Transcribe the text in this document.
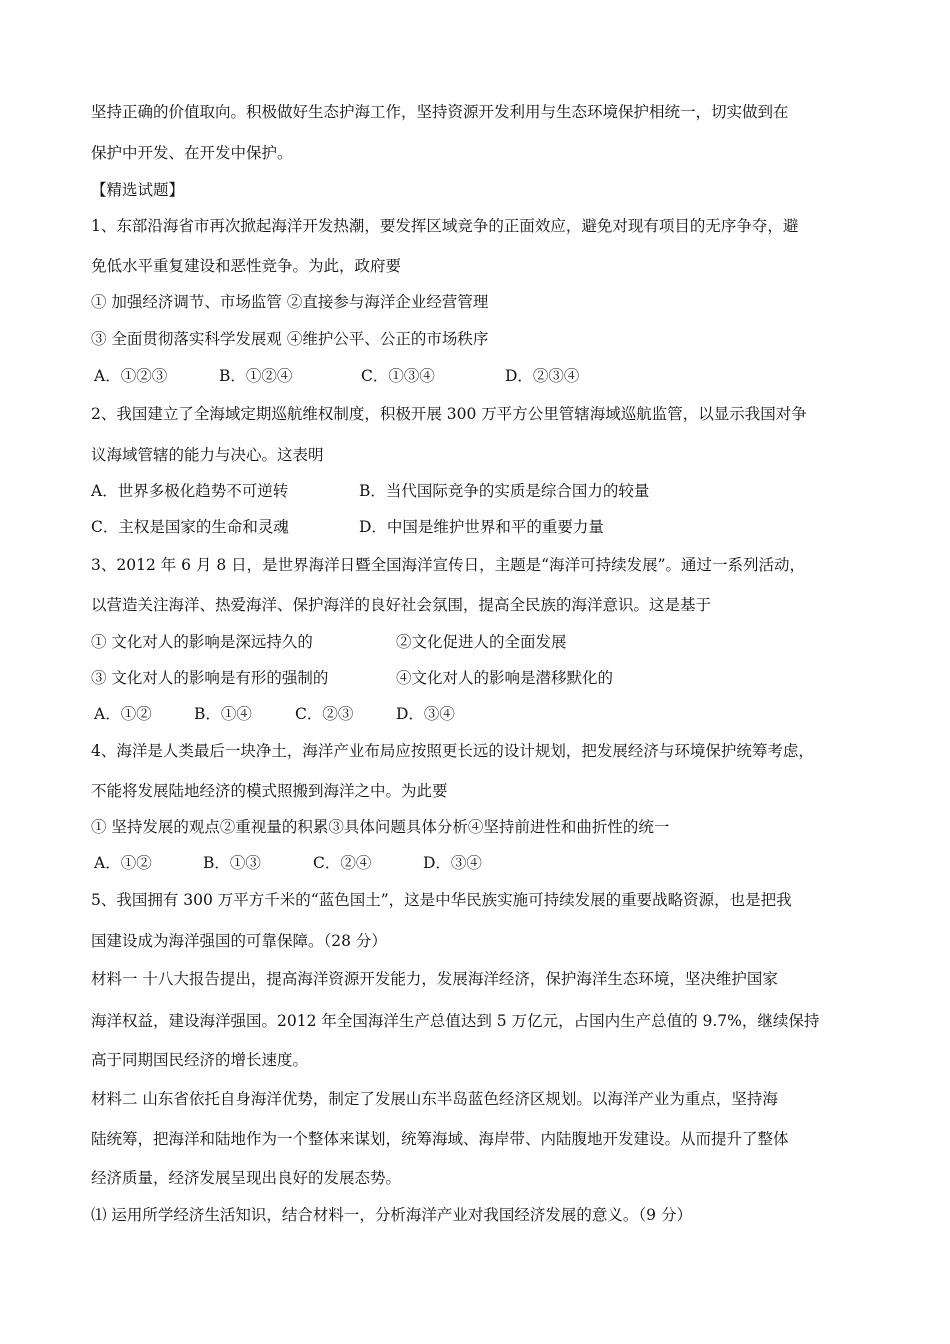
坚持正确的价值取向。积极做好生态护海工作，坚持资源开发利用与生态环境保护相统一，切实做到在
保护中开发、在开发中保护。
【精选试题】
1、东部沿海省市再次掀起海洋开发热潮，要发挥区域竞争的正面效应，避免对现有项目的无序争夺，避
免低水平重复建设和恶性竞争。为此，政府要
① 加强经济调节、市场监管 ②直接参与海洋企业经营管理
③ 全面贯彻落实科学发展观 ④维护公平、公正的市场秩序
A．①②③	B．①②④	C．①③④	D．②③④
2、我国建立了全海域定期巡航维权制度，积极开展 300 万平方公里管辖海域巡航监管，以显示我国对争
议海域管辖的能力与决心。这表明
A．世界多极化趋势不可逆转	B．当代国际竞争的实质是综合国力的较量
C．主权是国家的生命和灵魂	D．中国是维护世界和平的重要力量
3、2012 年 6 月 8 日，是世界海洋日暨全国海洋宣传日，主题是“海洋可持续发展”。通过一系列活动，
以营造关注海洋、热爱海洋、保护海洋的良好社会氛围，提高全民族的海洋意识。这是基于
① 文化对人的影响是深远持久的	②文化促进人的全面发展
③ 文化对人的影响是有形的强制的	④文化对人的影响是潜移默化的
A．①②	B．①④	C．②③	D．③④
4、海洋是人类最后一块净土，海洋产业布局应按照更长远的设计规划，把发展经济与环境保护统筹考虑，
不能将发展陆地经济的模式照搬到海洋之中。为此要
① 坚持发展的观点②重视量的积累③具体问题具体分析④坚持前进性和曲折性的统一
A．①②	B．①③	C．②④	D．③④
5、我国拥有 300 万平方千米的“蓝色国土”，这是中华民族实施可持续发展的重要战略资源，也是把我
国建设成为海洋强国的可靠保障。（28 分）
材料一 十八大报告提出，提高海洋资源开发能力，发展海洋经济，保护海洋生态环境，坚决维护国家
海洋权益，建设海洋强国。2012 年全国海洋生产总值达到 5 万亿元，占国内生产总值的 9.7%，继续保持
高于同期国民经济的增长速度。
材料二 山东省依托自身海洋优势，制定了发展山东半岛蓝色经济区规划。以海洋产业为重点，坚持海
陆统筹，把海洋和陆地作为一个整体来谋划，统筹海域、海岸带、内陆腹地开发建设。从而提升了整体
经济质量，经济发展呈现出良好的发展态势。
⑴ 运用所学经济生活知识，结合材料一，分析海洋产业对我国经济发展的意义。（9 分）
